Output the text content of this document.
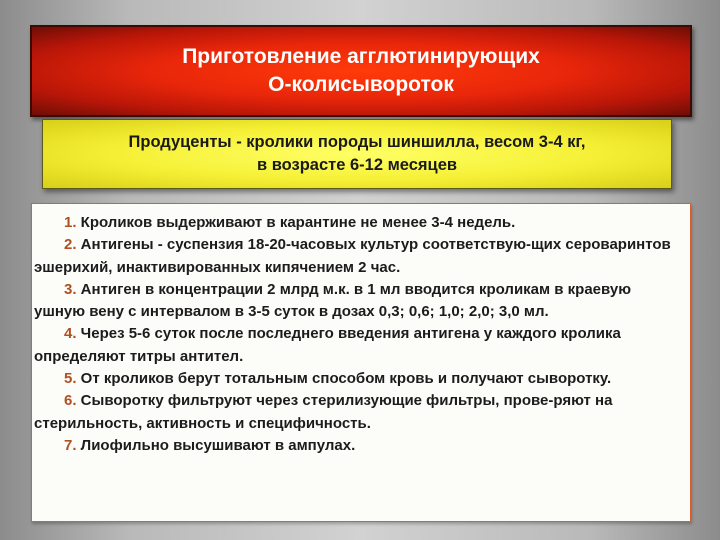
Приготовление агглютинирующих
О-колисывороток
Продуценты - кролики породы шиншилла, весом 3-4 кг,
в возрасте 6-12 месяцев

1. Кроликов выдерживают в карантине не менее 3-4 недель.

2. Антигены - суспензия 18-20-часовых культур соответствую-щих сероваринтов эшерихий, инактивированных кипячением 2 час.

3. Антиген в концентрации 2 млрд м.к. в 1 мл вводится кроликам в краевую ушную вену с интервалом в 3-5 суток в дозах 0,3; 0,6; 1,0; 2,0; 3,0 мл.

4. Через 5-6 суток после последнего введения антигена у каждого кролика определяют титры антител.

5. От кроликов берут тотальным способом кровь и получают сыворотку.

6. Сыворотку фильтруют через стерилизующие фильтры, прове-ряют на стерильность, активность и специфичность.

7. Лиофильно высушивают в ампулах.
